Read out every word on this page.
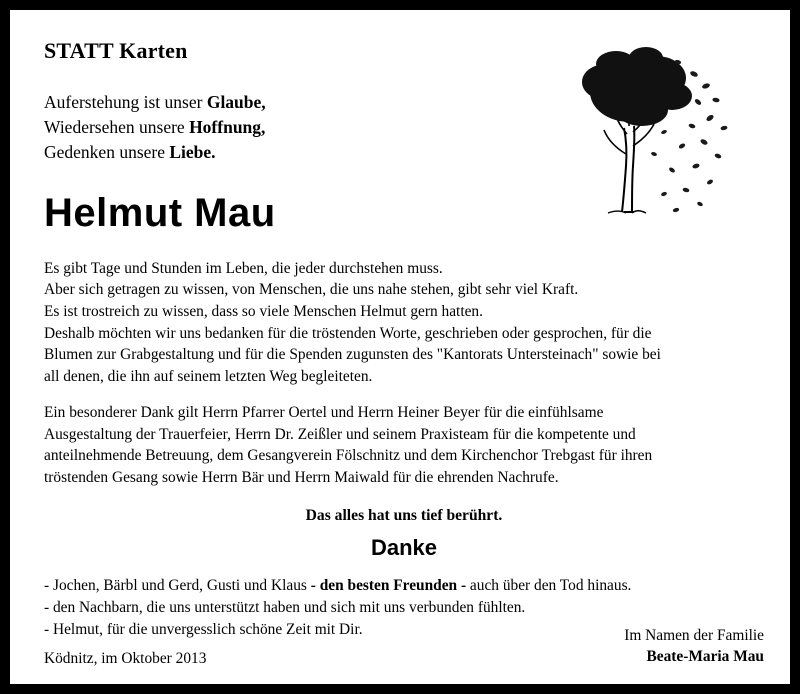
STATT Karten
Auferstehung ist unser Glaube,
Wiedersehen unsere Hoffnung,
Gedenken unsere Liebe.
Helmut Mau
Es gibt Tage und Stunden im Leben, die jeder durchstehen muss.
Aber sich getragen zu wissen, von Menschen, die uns nahe stehen, gibt sehr viel Kraft.
Es ist trostreich zu wissen, dass so viele Menschen Helmut gern hatten.
Deshalb möchten wir uns bedanken für die tröstenden Worte, geschrieben oder gesprochen, für die
Blumen zur Grabgestaltung und für die Spenden zugunsten des "Kantorats Untersteinach" sowie bei
all denen, die ihn auf seinem letzten Weg begleiteten.
Ein besonderer Dank gilt Herrn Pfarrer Oertel und Herrn Heiner Beyer für die einfühlsame
Ausgestaltung der Trauerfeier, Herrn Dr. Zeißler und seinem Praxisteam für die kompetente und
anteilnehmende Betreuung, dem Gesangverein Fölschnitz und dem Kirchenchor Trebgast für ihren
tröstenden Gesang sowie Herrn Bär und Herrn Maiwald für die ehrenden Nachrufe.
Das alles hat uns tief berührt.
Danke
- Jochen, Bärbl und Gerd, Gusti und Klaus - den besten Freunden - auch über den Tod hinaus.
- den Nachbarn, die uns unterstützt haben und sich mit uns verbunden fühlten.
- Helmut, für die unvergesslich schöne Zeit mit Dir.
Ködnitz, im Oktober 2013
Im Namen der Familie
Beate-Maria Mau
